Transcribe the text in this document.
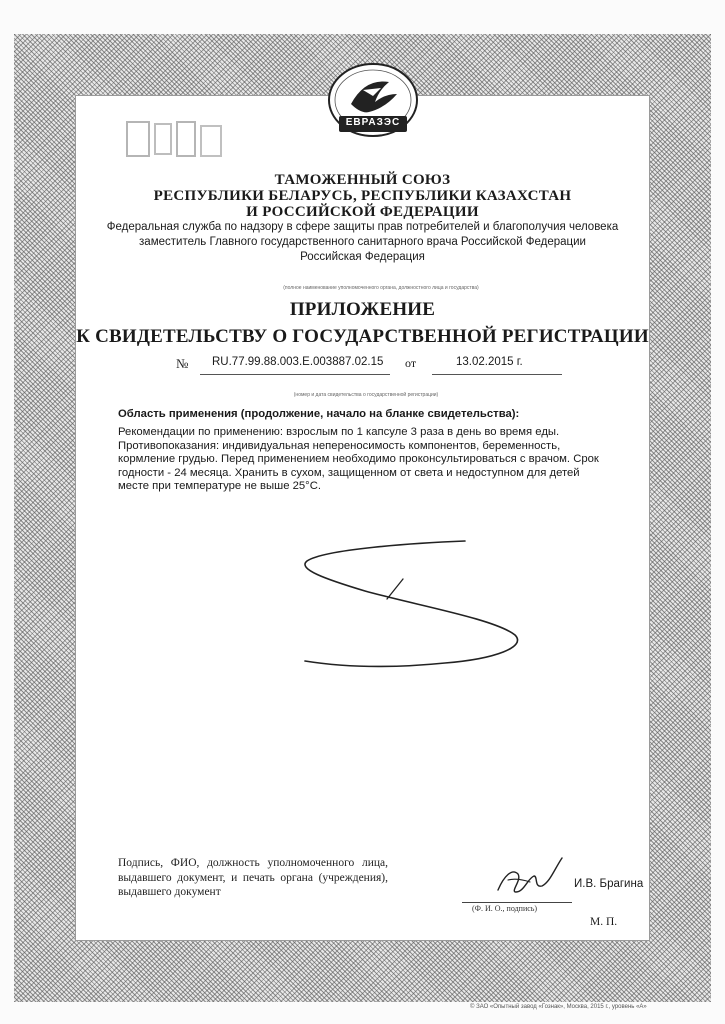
ЕВРАЗЭС
ТАМОЖЕННЫЙ СОЮЗ
РЕСПУБЛИКИ БЕЛАРУСЬ, РЕСПУБЛИКИ КАЗАХСТАН
И РОССИЙСКОЙ ФЕДЕРАЦИИ
Федеральная служба по надзору в сфере защиты прав потребителей и благополучия человека
заместитель Главного государственного санитарного врача Российской Федерации
Российская Федерация
(полное наименование уполномоченного органа, должностного лица и государства)
ПРИЛОЖЕНИЕ
К СВИДЕТЕЛЬСТВУ О ГОСУДАРСТВЕННОЙ РЕГИСТРАЦИИ
№ RU.77.99.88.003.E.003887.02.15 от	13.02.2015 г.
(номер и дата свидетельства о государственной регистрации)
Область применения (продолжение, начало на бланке свидетельства):

Рекомендации по применению: взрослым по 1 капсуле 3 раза в день во время еды. Противопоказания: индивидуальная непереносимость компонентов, беременность, кормление грудью. Перед применением необходимо проконсультироваться с врачом. Срок годности - 24 месяца. Хранить в сухом, защищенном от света и недоступном для детей месте при температуре не выше 25°С.

Подпись, ФИО, должность уполномоченного лица, выдавшего документ, и печать органа (учреждения), выдавшего документ
И.В. Брагина
(Ф. И. О., подпись)
М. П.
© ЗАО «Опытный завод «Гознак», Москва, 2015 г., уровень «А»
